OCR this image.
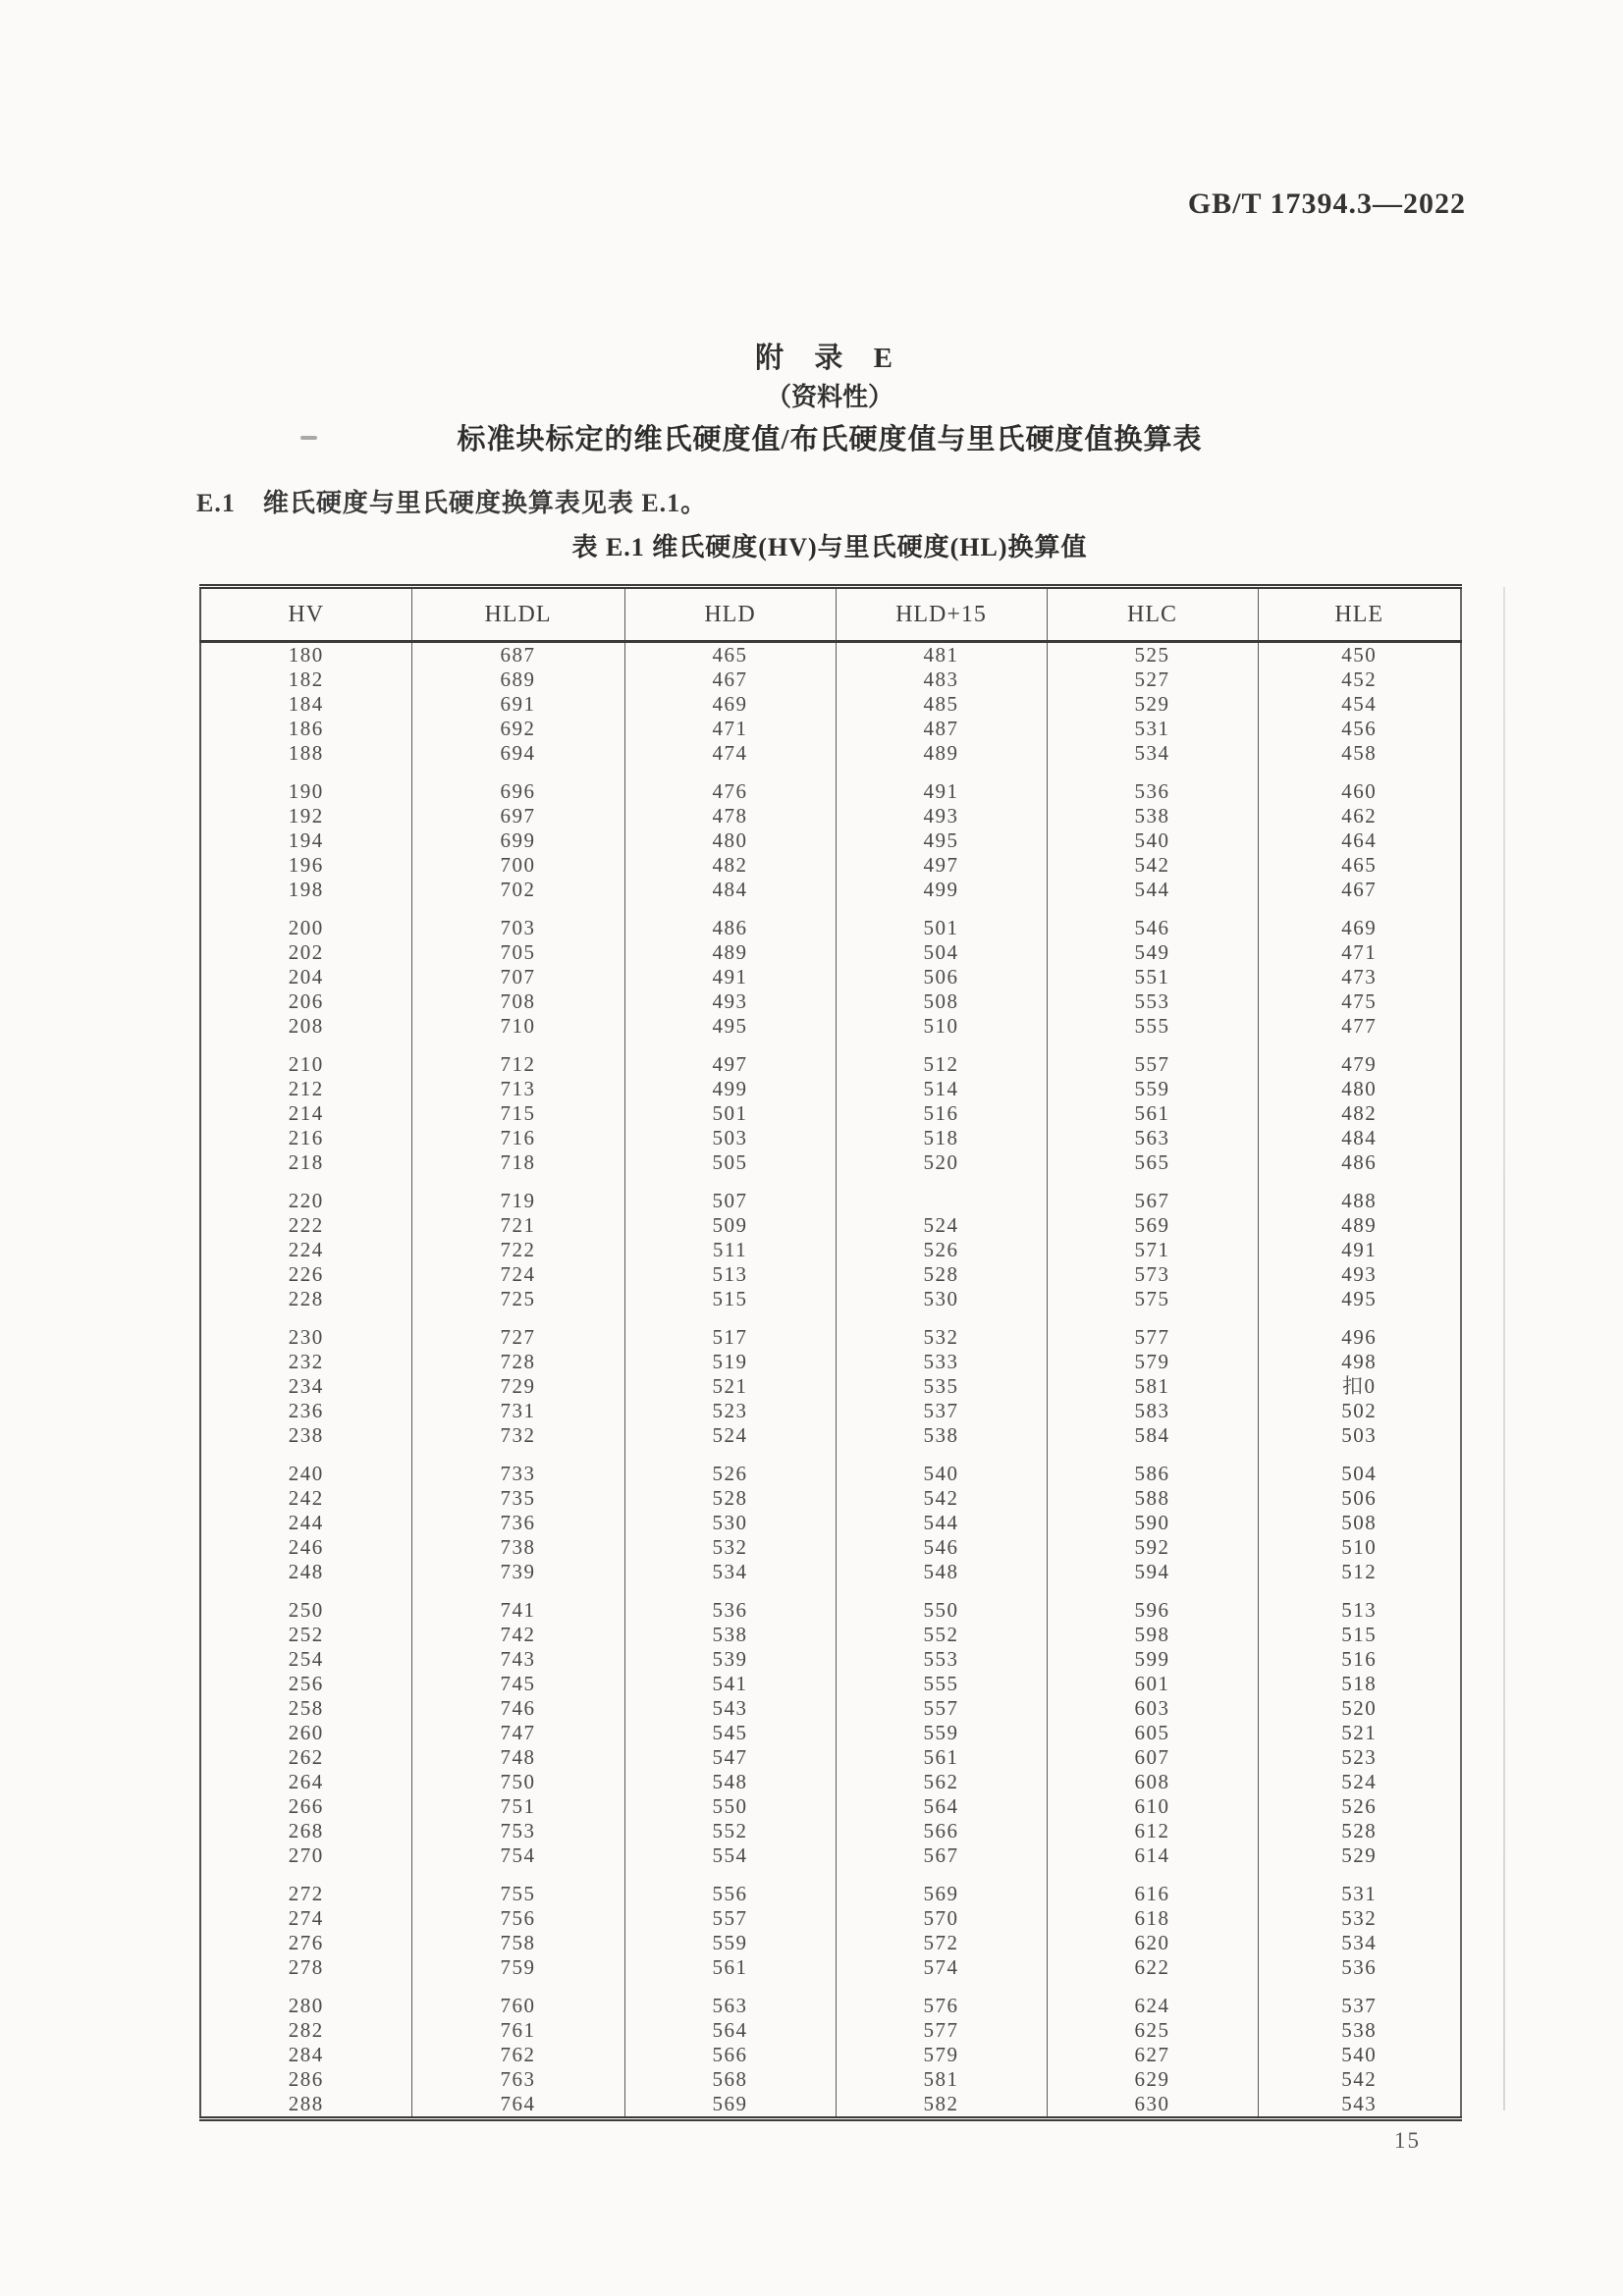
GB/T 17394.3—2022
附 录 E
（资料性）
标准块标定的维氏硬度值/布氏硬度值与里氏硬度值换算表
E.1 维氏硬度与里氏硬度换算表见表 E.1。
表 E.1 维氏硬度(HV)与里氏硬度(HL)换算值
HV	HLDL	HLD	HLD+15	HLC	HLE
180	687	465	481	525	450
182	689	467	483	527	452
184	691	469	485	529	454
186	692	471	487	531	456
188	694	474	489	534	458

190	696	476	491	536	460
192	697	478	493	538	462
194	699	480	495	540	464
196	700	482	497	542	465
198	702	484	499	544	467

200	703	486	501	546	469
202	705	489	504	549	471
204	707	491	506	551	473
206	708	493	508	553	475
208	710	495	510	555	477

210	712	497	512	557	479
212	713	499	514	559	480
214	715	501	516	561	482
216	716	503	518	563	484
218	718	505	520	565	486

220	719	507		567	488
222	721	509	524	569	489
224	722	511	526	571	491
226	724	513	528	573	493
228	725	515	530	575	495

230	727	517	532	577	496
232	728	519	533	579	498
234	729	521	535	581	扣0
236	731	523	537	583	502
238	732	524	538	584	503

240	733	526	540	586	504
242	735	528	542	588	506
244	736	530	544	590	508
246	738	532	546	592	510
248	739	534	548	594	512

250	741	536	550	596	513
252	742	538	552	598	515
254	743	539	553	599	516
256	745	541	555	601	518
258	746	543	557	603	520
260	747	545	559	605	521
262	748	547	561	607	523
264	750	548	562	608	524
266	751	550	564	610	526
268	753	552	566	612	528
270	754	554	567	614	529

272	755	556	569	616	531
274	756	557	570	618	532
276	758	559	572	620	534
278	759	561	574	622	536

280	760	563	576	624	537
282	761	564	577	625	538
284	762	566	579	627	540
286	763	568	581	629	542
288	764	569	582	630	543
15
